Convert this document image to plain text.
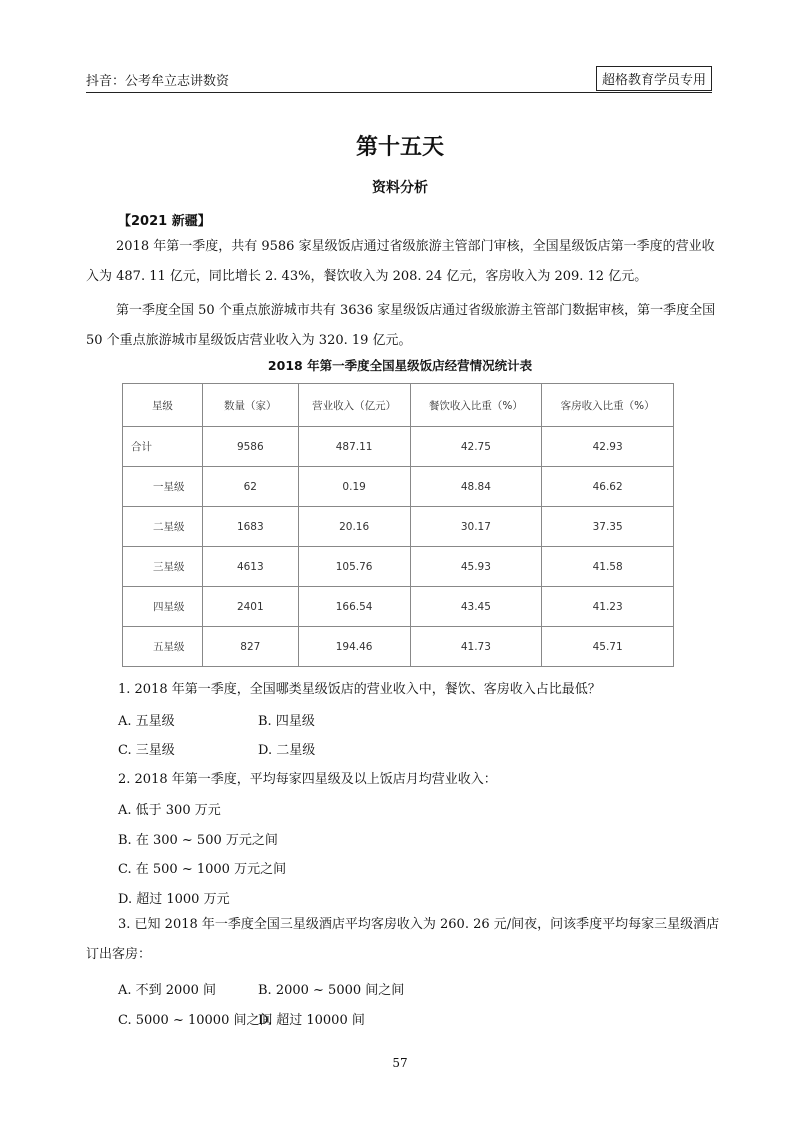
抖音：公考牟立志讲数资	超格教育学员专用
第十五天
资料分析
【2021 新疆】

2018 年第一季度，共有 9586 家星级饭店通过省级旅游主管部门审核，全国星级饭店第一季度的营业收入为 487. 11 亿元，同比增长 2. 43%，餐饮收入为 208. 24 亿元，客房收入为 209. 12 亿元。

第一季度全国 50 个重点旅游城市共有 3636 家星级饭店通过省级旅游主管部门数据审核，第一季度全国 50 个重点旅游城市星级饭店营业收入为 320. 19 亿元。

2018 年第一季度全国星级饭店经营情况统计表
星级	数量（家）	营业收入（亿元）	餐饮收入比重（%）	客房收入比重（%）
合计	9586	487.11	42.75	42.93
一星级	62	0.19	48.84	46.62
二星级	1683	20.16	30.17	37.35
三星级	4613	105.76	45.93	41.58
四星级	2401	166.54	43.45	41.23
五星级	827	194.46	41.73	45.71
1. 2018 年第一季度，全国哪类星级饭店的营业收入中，餐饮、客房收入占比最低？
A. 五星级	B. 四星级
C. 三星级	D. 二星级
2. 2018 年第一季度，平均每家四星级及以上饭店月均营业收入：
A. 低于 300 万元
B. 在 300 ~ 500 万元之间
C. 在 500 ~ 1000 万元之间
D. 超过 1000 万元

3. 已知 2018 年一季度全国三星级酒店平均客房收入为 260. 26 元/间夜，问该季度平均每家三星级酒店订出客房：

A. 不到 2000 间	B. 2000 ~ 5000 间之间
C. 5000 ~ 10000 间之间
D. 超过 10000 间
57
